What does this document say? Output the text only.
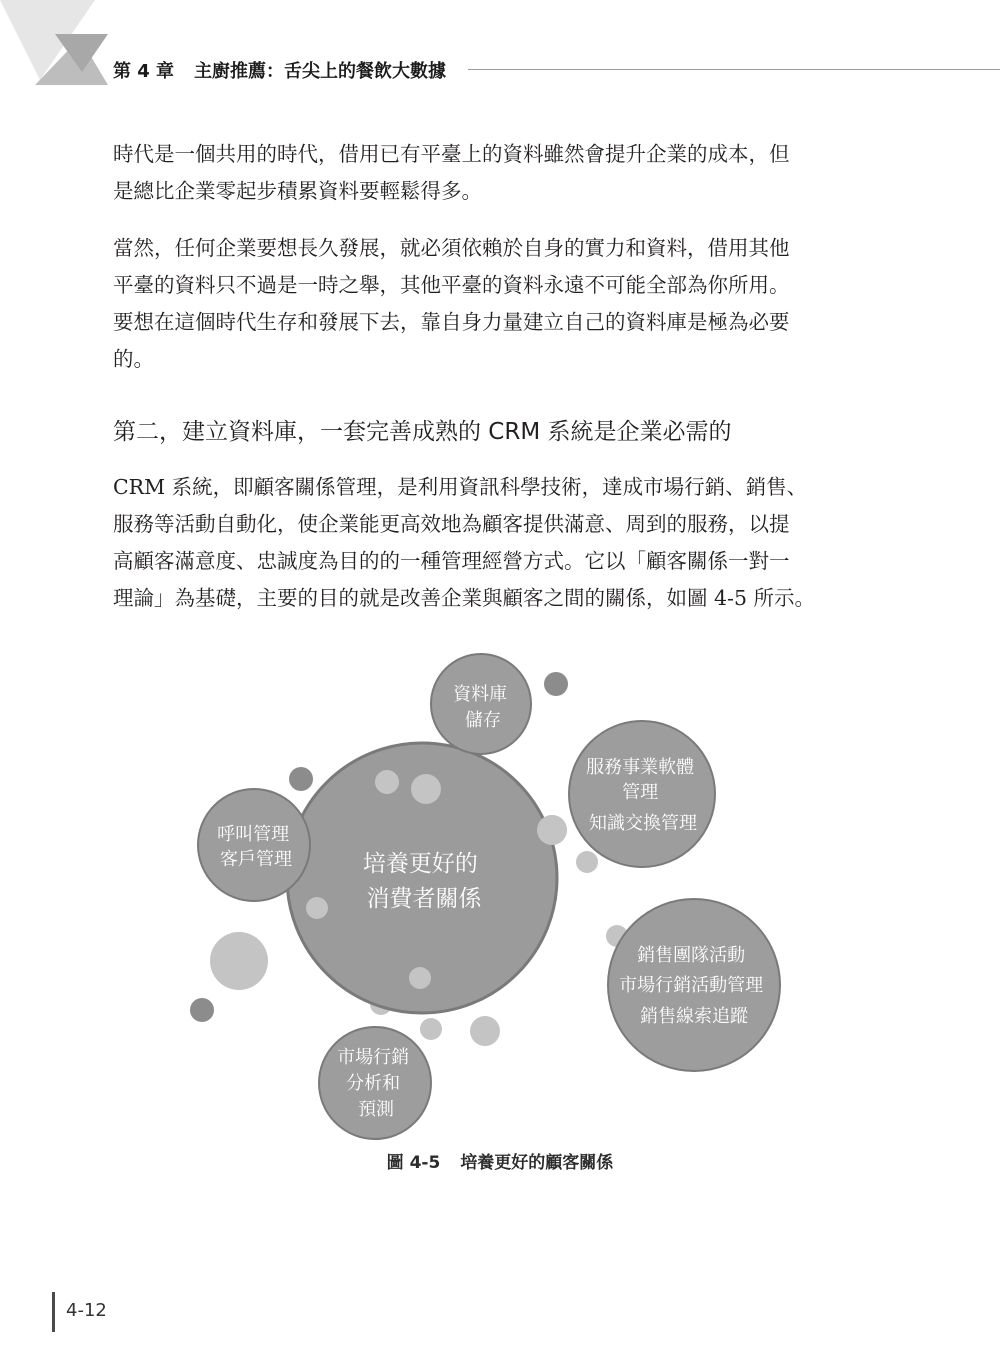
第 4 章 主廚推薦：舌尖上的餐飲大數據

時代是一個共用的時代，借用已有平臺上的資料雖然會提升企業的成本，但
是總比企業零起步積累資料要輕鬆得多。

當然，任何企業要想長久發展，就必須依賴於自身的實力和資料，借用其他
平臺的資料只不過是一時之舉，其他平臺的資料永遠不可能全部為你所用。
要想在這個時代生存和發展下去，靠自身力量建立自己的資料庫是極為必要
的。

第二，建立資料庫，一套完善成熟的 CRM 系統是企業必需的

CRM 系統，即顧客關係管理，是利用資訊科學技術，達成市場行銷、銷售、
服務等活動自動化，使企業能更高效地為顧客提供滿意、周到的服務，以提
高顧客滿意度、忠誠度為目的的一種管理經營方式。它以「顧客關係一對一
理論」為基礎，主要的目的就是改善企業與顧客之間的關係，如圖 4-5 所示。

培養更好的 消費者關係
資料庫 儲存
服務事業軟體 管理 知識交換管理
呼叫管理 客戶管理
銷售團隊活動 市場行銷活動管理 銷售線索追蹤
市場行銷 分析和 預測
圖 4-5 培養更好的顧客關係
4-12
